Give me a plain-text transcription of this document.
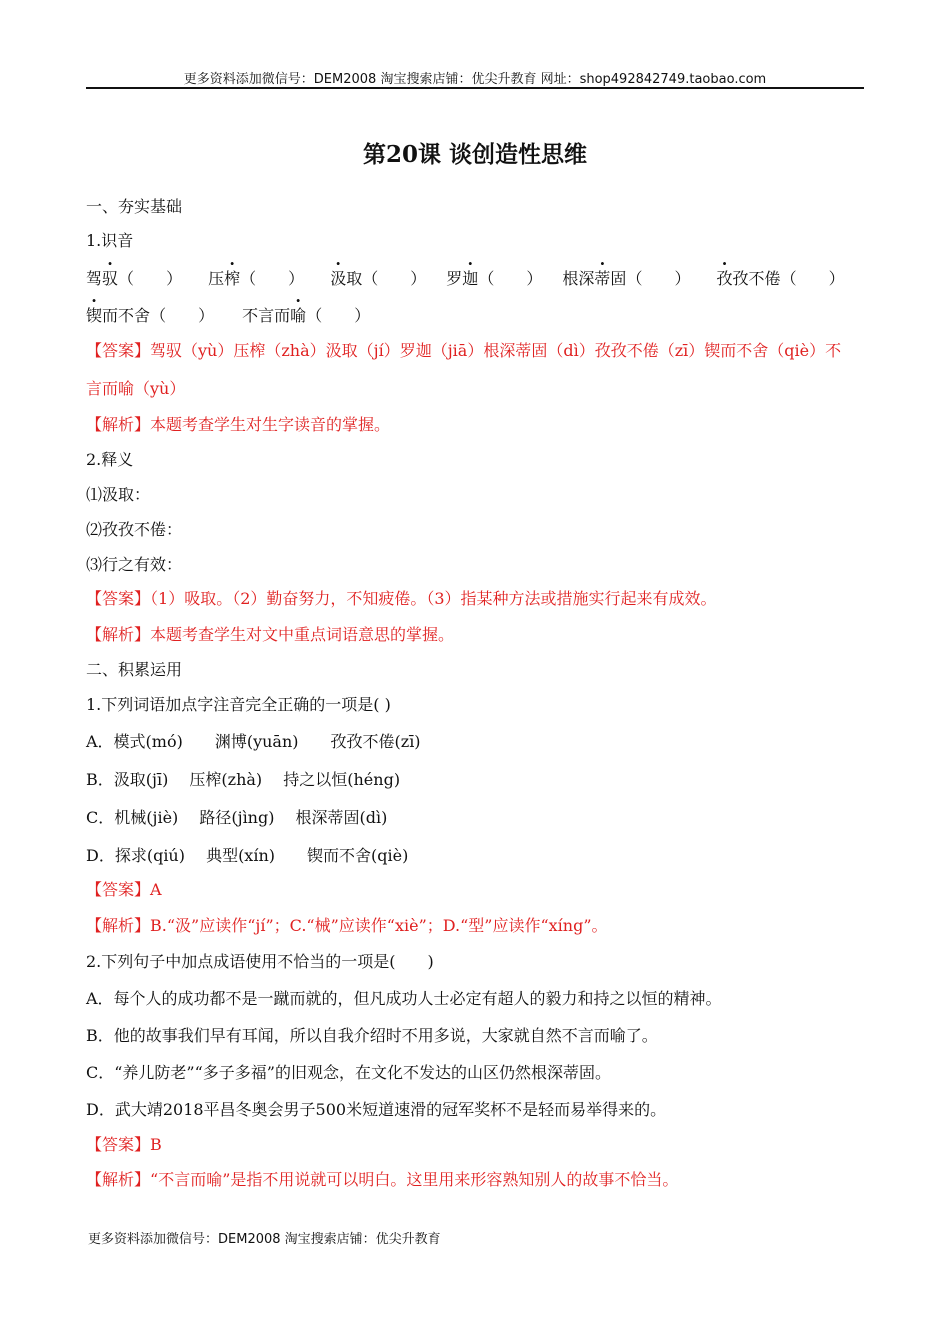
更多资料添加微信号：DEM2008 淘宝搜索店铺：优尖升教育 网址：shop492842749.taobao.com
第20课 谈创造性思维
一、夯实基础
1.识音
驾驭（　　 ） 压榨（　　 ） 汲取（　　 ） 罗迦（　　 ） 根深蒂固（　　 ） 孜孜不倦（　　 ）
锲而不舍（　　 ） 不言而喻（　　 ）
【答案】驾驭（yù）压榨（zhà）汲取（jí）罗迦（jiā）根深蒂固（dì）孜孜不倦（zī）锲而不舍（qiè）不
言而喻（yù）
【解析】本题考查学生对生字读音的掌握。
2.释义
⑴汲取：
⑵孜孜不倦：
⑶行之有效：
【答案】（1）吸取。（2）勤奋努力，不知疲倦。（3）指某种方法或措施实行起来有成效。
【解析】本题考查学生对文中重点词语意思的掌握。
二、积累运用
1.下列词语加点字注音完全正确的一项是( )
A．模式(mó)　　渊博(yuān)　　孜孜不倦(zī)
B．汲取(jī)　 压榨(zhà)　 持之以恒(héng)
C．机械(jiè)　 路径(jìng)　 根深蒂固(dì)
D．探求(qiú)　 典型(xín)　　锲而不舍(qiè)
【答案】A
【解析】B.“汲”应读作“jí”；C.“械”应读作“xiè”；D.“型”应读作“xíng”。
2.下列句子中加点成语使用不恰当的一项是(　　)
A．每个人的成功都不是一蹴而就的，但凡成功人士必定有超人的毅力和持之以恒的精神。
B．他的故事我们早有耳闻，所以自我介绍时不用多说，大家就自然不言而喻了。
C．“养儿防老”“多子多福”的旧观念，在文化不发达的山区仍然根深蒂固。
D．武大靖2018平昌冬奥会男子500米短道速滑的冠军奖杯不是轻而易举得来的。
【答案】B
【解析】“不言而喻”是指不用说就可以明白。这里用来形容熟知别人的故事不恰当。
更多资料添加微信号：DEM2008 淘宝搜索店铺：优尖升教育
